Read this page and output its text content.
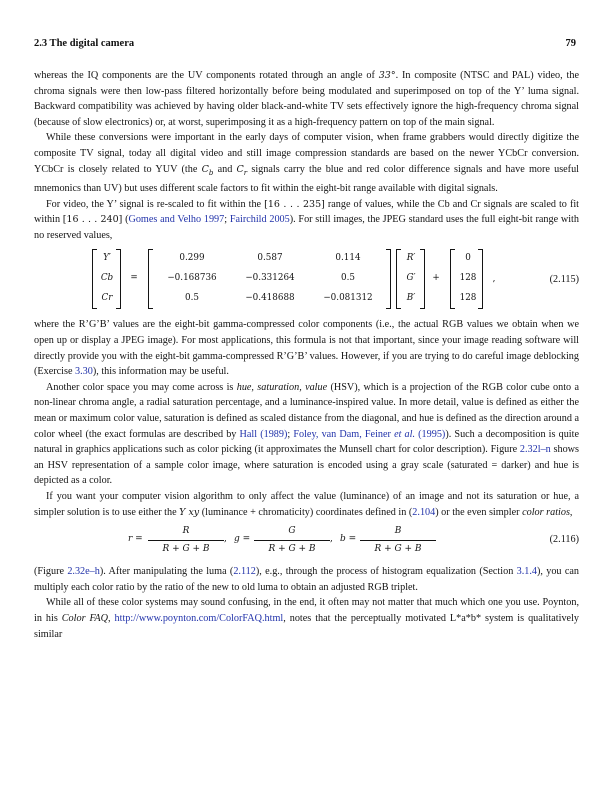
2.3 The digital camera	79

whereas the IQ components are the UV components rotated through an angle of 33°. In composite (NTSC and PAL) video, the chroma signals were then low-pass filtered horizontally before being modulated and superimposed on top of the Y’ luma signal. Backward compatibility was achieved by having older black-and-white TV sets effectively ignore the high-frequency chroma signal (because of slow electronics) or, at worst, superimposing it as a high-frequency pattern on top of the main signal.

While these conversions were important in the early days of computer vision, when frame grabbers would directly digitize the composite TV signal, today all digital video and still image compression standards are based on the newer YCbCr conversion. YCbCr is closely related to YUV (the $C_b$ and $C_r$ signals carry the blue and red color difference signals and have more useful mnemonics than UV) but uses different scale factors to fit within the eight-bit range available with digital signals.

For video, the Y’ signal is re-scaled to fit within the [16 . . . 235] range of values, while the Cb and Cr signals are scaled to fit within [16 . . . 240] (Gomes and Velho 1997; Fairchild 2005). For still images, the JPEG standard uses the full eight-bit range with no reserved values,

Y′
Cb
Cr
=
0.299	0.587	0.114
−0.168736	−0.331264	0.5
0.5	−0.418688	−0.081312
R′
G′
B′
+
0
128
128
,	(2.115)

where the R’G’B’ values are the eight-bit gamma-compressed color components (i.e., the actual RGB values we obtain when we open up or display a JPEG image). For most applications, this formula is not that important, since your image reading software will directly provide you with the eight-bit gamma-compressed R’G’B’ values. However, if you are trying to do careful image deblocking (Exercise 3.30), this information may be useful.

Another color space you may come across is hue, saturation, value (HSV), which is a projection of the RGB color cube onto a non-linear chroma angle, a radial saturation percentage, and a luminance-inspired value. In more detail, value is defined as either the mean or maximum color value, saturation is defined as scaled distance from the diagonal, and hue is defined as the direction around a color wheel (the exact formulas are described by Hall (1989); Foley, van Dam, Feiner et al. (1995)). Such a decomposition is quite natural in graphics applications such as color picking (it approximates the Munsell chart for color description). Figure 2.32l–n shows an HSV representation of a sample color image, where saturation is encoded using a gray scale (saturated = darker) and hue is depicted as a color.

If you want your computer vision algorithm to only affect the value (luminance) of an image and not its saturation or hue, a simpler solution is to use either the Y xy (luminance + chromaticity) coordinates defined in (2.104) or the even simpler color ratios,

$r = \frac{R}{R + G + B}$ , $g = \frac{G}{R + G + B}$ , $b = \frac{B}{R + G + B}$	(2.116)

(Figure 2.32e–h). After manipulating the luma (2.112), e.g., through the process of histogram equalization (Section 3.1.4), you can multiply each color ratio by the ratio of the new to old luma to obtain an adjusted RGB triplet.

While all of these color systems may sound confusing, in the end, it often may not matter that much which one you use. Poynton, in his Color FAQ, http://www.poynton.com/ColorFAQ.html, notes that the perceptually motivated L*a*b* system is qualitatively similar
